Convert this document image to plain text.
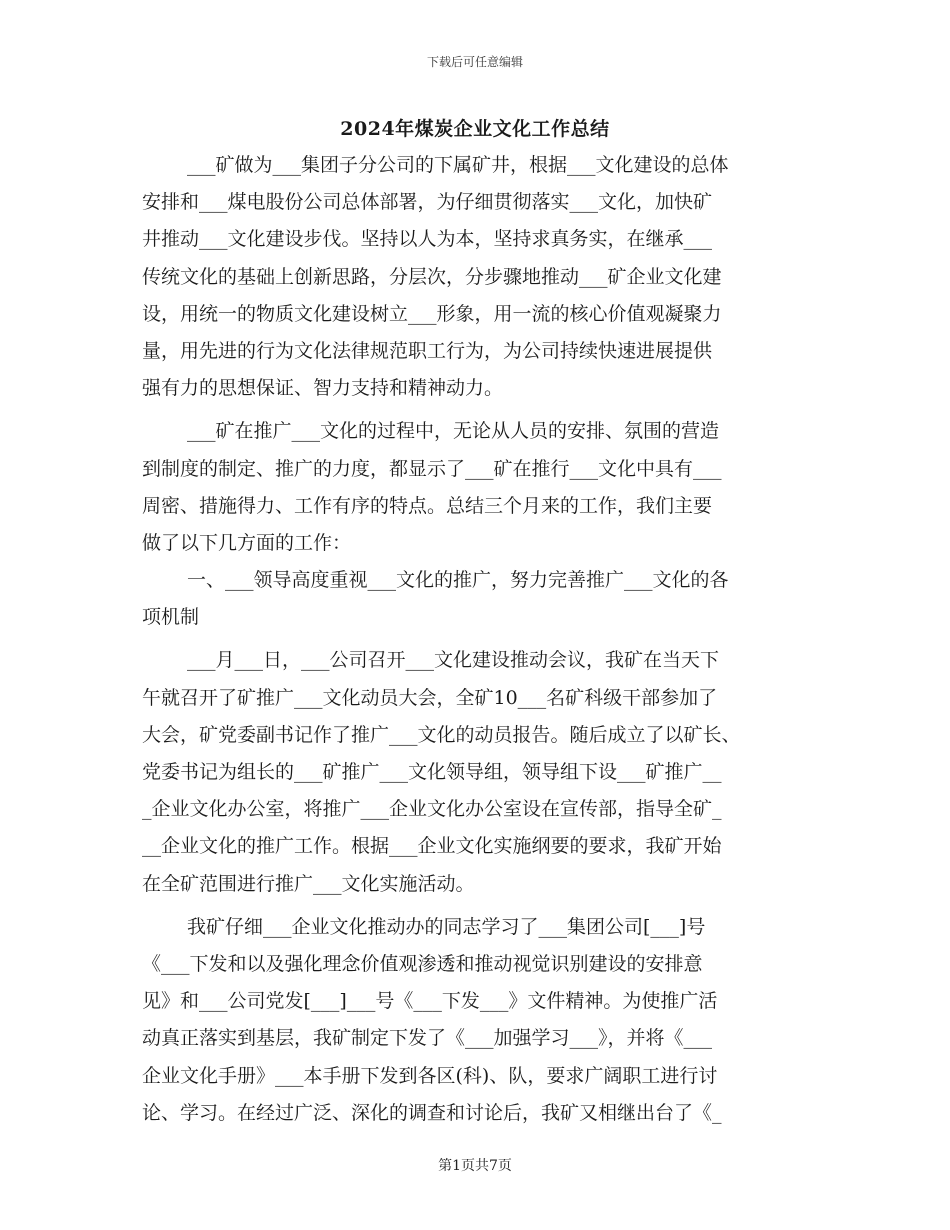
下载后可任意编辑
2024年煤炭企业文化工作总结
___矿做为___集团子分公司的下属矿井，根据___文化建设的总体
安排和___煤电股份公司总体部署，为仔细贯彻落实___文化，加快矿
井推动___文化建设步伐。坚持以人为本，坚持求真务实，在继承___
传统文化的基础上创新思路，分层次，分步骤地推动___矿企业文化建
设，用统一的物质文化建设树立___形象，用一流的核心价值观凝聚力
量，用先进的行为文化法律规范职工行为，为公司持续快速进展提供
强有力的思想保证、智力支持和精神动力。
___矿在推广___文化的过程中，无论从人员的安排、氛围的营造
到制度的制定、推广的力度，都显示了___矿在推行___文化中具有___
周密、措施得力、工作有序的特点。总结三个月来的工作，我们主要
做了以下几方面的工作：
一、___领导高度重视___文化的推广，努力完善推广___文化的各
项机制
___月___日，___公司召开___文化建设推动会议，我矿在当天下
午就召开了矿推广___文化动员大会，全矿10___名矿科级干部参加了
大会，矿党委副书记作了推广___文化的动员报告。随后成立了以矿长、
党委书记为组长的___矿推广___文化领导组，领导组下设___矿推广__
_企业文化办公室，将推广___企业文化办公室设在宣传部，指导全矿_
__企业文化的推广工作。根据___企业文化实施纲要的要求，我矿开始
在全矿范围进行推广___文化实施活动。
我矿仔细___企业文化推动办的同志学习了___集团公司[___]号
《___下发和以及强化理念价值观渗透和推动视觉识别建设的安排意
见》和___公司党发[___]___号《___下发___》文件精神。为使推广活
动真正落实到基层，我矿制定下发了《___加强学习___》，并将《___
企业文化手册》___本手册下发到各区(科)、队，要求广阔职工进行讨
论、学习。在经过广泛、深化的调查和讨论后，我矿又相继出台了《_
第1页共7页
